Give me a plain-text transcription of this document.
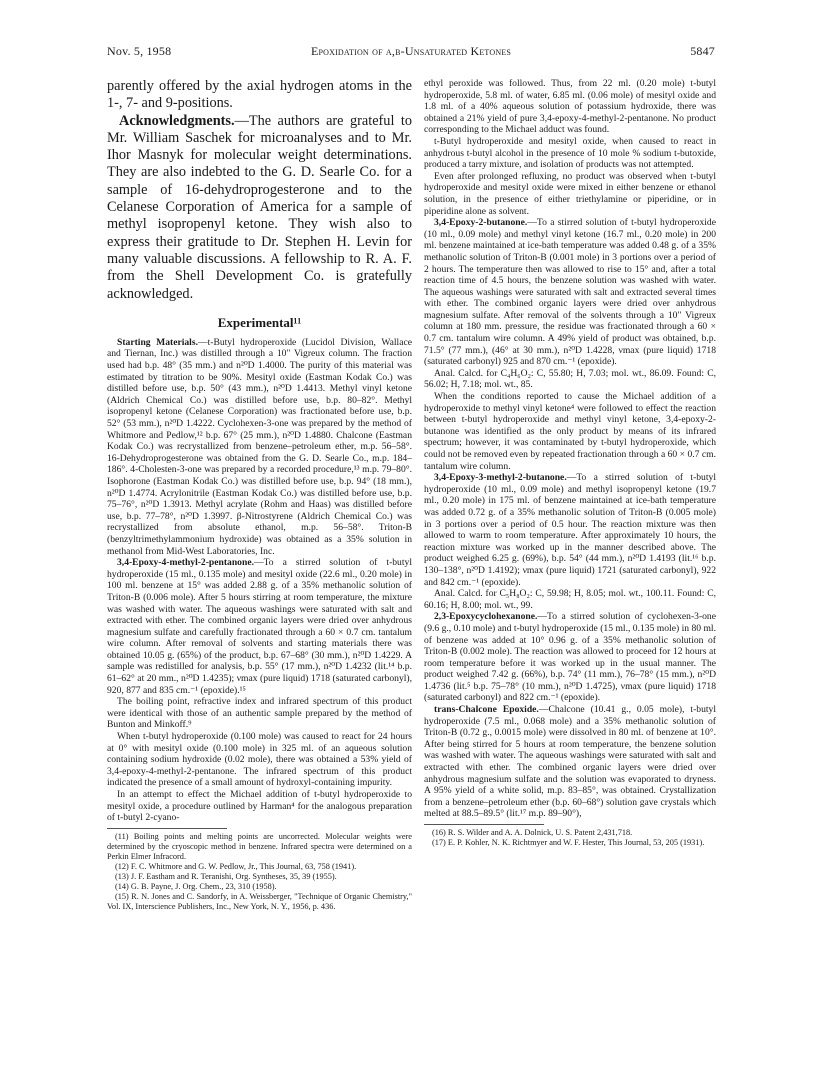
Nov. 5, 1958	Epoxidation of α,β-Unsaturated Ketones	5847

parently offered by the axial hydrogen atoms in the 1-, 7- and 9-positions.

Acknowledgments.—The authors are grateful to Mr. William Saschek for microanalyses and to Mr. Ihor Masnyk for molecular weight determinations. They are also indebted to the G. D. Searle Co. for a sample of 16-dehydroprogesterone and to the Celanese Corporation of America for a sample of methyl isopropenyl ketone. They wish also to express their gratitude to Dr. Stephen H. Levin for many valuable discussions. A fellowship to R. A. F. from the Shell Development Co. is gratefully acknowledged.

Experimental¹¹

Starting Materials.—t-Butyl hydroperoxide (Lucidol Division, Wallace and Tiernan, Inc.) was distilled through a 10" Vigreux column. The fraction used had b.p. 48° (35 mm.) and n²⁰D 1.4000. The purity of this material was estimated by titration to be 90%. Mesityl oxide (Eastman Kodak Co.) was distilled before use, b.p. 50° (43 mm.), n²⁰D 1.4413. Methyl vinyl ketone (Aldrich Chemical Co.) was distilled before use, b.p. 80–82°. Methyl isopropenyl ketone (Celanese Corporation) was fractionated before use, b.p. 52° (53 mm.), n²⁰D 1.4222. Cyclohexen-3-one was prepared by the method of Whitmore and Pedlow,¹² b.p. 67° (25 mm.), n²⁰D 1.4880. Chalcone (Eastman Kodak Co.) was recrystallized from benzene–petroleum ether, m.p. 56–58°. 16-Dehydroprogesterone was obtained from the G. D. Searle Co., m.p. 184–186°. 4-Cholesten-3-one was prepared by a recorded procedure,¹³ m.p. 79–80°. Isophorone (Eastman Kodak Co.) was distilled before use, b.p. 94° (18 mm.), n²⁰D 1.4774. Acrylonitrile (Eastman Kodak Co.) was distilled before use, b.p. 75–76°, n²⁰D 1.3913. Methyl acrylate (Rohm and Haas) was distilled before use, b.p. 77–78°, n²⁰D 1.3997. β-Nitrostyrene (Aldrich Chemical Co.) was recrystallized from absolute ethanol, m.p. 56–58°. Triton-B (benzyltrimethylammonium hydroxide) was obtained as a 35% solution in methanol from Mid-West Laboratories, Inc.

3,4-Epoxy-4-methyl-2-pentanone.—To a stirred solution of t-butyl hydroperoxide (15 ml., 0.135 mole) and mesityl oxide (22.6 ml., 0.20 mole) in 100 ml. benzene at 15° was added 2.88 g. of a 35% methanolic solution of Triton-B (0.006 mole). After 5 hours stirring at room temperature, the mixture was washed with water. The aqueous washings were saturated with salt and extracted with ether. The combined organic layers were dried over anhydrous magnesium sulfate and carefully fractionated through a 60 × 0.7 cm. tantalum wire column. After removal of solvents and starting materials there was obtained 10.05 g. (65%) of the product, b.p. 67–68° (30 mm.), n²⁰D 1.4229. A sample was redistilled for analysis, b.p. 55° (17 mm.), n²⁰D 1.4232 (lit.¹⁴ b.p. 61–62° at 20 mm., n²⁰D 1.4235); νmax (pure liquid) 1718 (saturated carbonyl), 920, 877 and 835 cm.⁻¹ (epoxide).¹⁵

The boiling point, refractive index and infrared spectrum of this product were identical with those of an authentic sample prepared by the method of Bunton and Minkoff.⁹

When t-butyl hydroperoxide (0.100 mole) was caused to react for 24 hours at 0° with mesityl oxide (0.100 mole) in 325 ml. of an aqueous solution containing sodium hydroxide (0.02 mole), there was obtained a 53% yield of 3,4-epoxy-4-methyl-2-pentanone. The infrared spectrum of this product indicated the presence of a small amount of hydroxyl-containing impurity.

In an attempt to effect the Michael addition of t-butyl hydroperoxide to mesityl oxide, a procedure outlined by Harman⁴ for the analogous preparation of t-butyl 2-cyano-

(11) Boiling points and melting points are uncorrected. Molecular weights were determined by the cryoscopic method in benzene. Infrared spectra were determined on a Perkin Elmer Infracord.

(12) F. C. Whitmore and G. W. Pedlow, Jr., This Journal, 63, 758 (1941).

(13) J. F. Eastham and R. Teranishi, Org. Syntheses, 35, 39 (1955).

(14) G. B. Payne, J. Org. Chem., 23, 310 (1958).

(15) R. N. Jones and C. Sandorfy, in A. Weissberger, "Technique of Organic Chemistry," Vol. IX, Interscience Publishers, Inc., New York, N. Y., 1956, p. 436.

ethyl peroxide was followed. Thus, from 22 ml. (0.20 mole) t-butyl hydroperoxide, 5.8 ml. of water, 6.85 ml. (0.06 mole) of mesityl oxide and 1.8 ml. of a 40% aqueous solution of potassium hydroxide, there was obtained a 21% yield of pure 3,4-epoxy-4-methyl-2-pentanone. No product corresponding to the Michael adduct was found.

t-Butyl hydroperoxide and mesityl oxide, when caused to react in anhydrous t-butyl alcohol in the presence of 10 mole % sodium t-butoxide, produced a tarry mixture, and isolation of products was not attempted.

Even after prolonged refluxing, no product was observed when t-butyl hydroperoxide and mesityl oxide were mixed in either benzene or ethanol solution, in the presence of either triethylamine or piperidine, or in piperidine alone as solvent.

3,4-Epoxy-2-butanone.—To a stirred solution of t-butyl hydroperoxide (10 ml., 0.09 mole) and methyl vinyl ketone (16.7 ml., 0.20 mole) in 200 ml. benzene maintained at ice-bath temperature was added 0.48 g. of a 35% methanolic solution of Triton-B (0.001 mole) in 3 portions over a period of 2 hours. The temperature then was allowed to rise to 15° and, after a total reaction time of 4.5 hours, the benzene solution was washed with water. The aqueous washings were saturated with salt and extracted several times with ether. The combined organic layers were dried over anhydrous magnesium sulfate. After removal of the solvents through a 10" Vigreux column at 180 mm. pressure, the residue was fractionated through a 60 × 0.7 cm. tantalum wire column. A 49% yield of product was obtained, b.p. 71.5° (77 mm.), (46° at 30 mm.), n²⁰D 1.4228, νmax (pure liquid) 1718 (saturated carbonyl) 925 and 870 cm.⁻¹ (epoxide).

Anal. Calcd. for C₄H₆O₂: C, 55.80; H, 7.03; mol. wt., 86.09. Found: C, 56.02; H, 7.18; mol. wt., 85.

When the conditions reported to cause the Michael addition of a hydroperoxide to methyl vinyl ketone⁴ were followed to effect the reaction between t-butyl hydroperoxide and methyl vinyl ketone, 3,4-epoxy-2-butanone was identified as the only product by means of its infrared spectrum; however, it was contaminated by t-butyl hydroperoxide, which could not be removed even by repeated fractionation through a 60 × 0.7 cm. tantalum wire column.

3,4-Epoxy-3-methyl-2-butanone.—To a stirred solution of t-butyl hydroperoxide (10 ml., 0.09 mole) and methyl isopropenyl ketone (19.7 ml., 0.20 mole) in 175 ml. of benzene maintained at ice-bath temperature was added 0.72 g. of a 35% methanolic solution of Triton-B (0.005 mole) in 3 portions over a period of 0.5 hour. The reaction mixture was then allowed to warm to room temperature. After approximately 10 hours, the reaction mixture was worked up in the manner described above. The product weighed 6.25 g. (69%), b.p. 54° (44 mm.), n²⁰D 1.4193 (lit.¹⁶ b.p. 130–138°, n²⁰D 1.4192); νmax (pure liquid) 1721 (saturated carbonyl), 922 and 842 cm.⁻¹ (epoxide).

Anal. Calcd. for C₅H₈O₂: C, 59.98; H, 8.05; mol. wt., 100.11. Found: C, 60.16; H, 8.00; mol. wt., 99.

2,3-Epoxycyclohexanone.—To a stirred solution of cyclohexen-3-one (9.6 g., 0.10 mole) and t-butyl hydroperoxide (15 ml., 0.135 mole) in 80 ml. of benzene was added at 10° 0.96 g. of a 35% methanolic solution of Triton-B (0.002 mole). The reaction was allowed to proceed for 12 hours at room temperature before it was worked up in the usual manner. The product weighed 7.42 g. (66%), b.p. 74° (11 mm.), 76–78° (15 mm.), n²⁰D 1.4736 (lit.⁵ b.p. 75–78° (10 mm.), n²⁰D 1.4725), νmax (pure liquid) 1718 (saturated carbonyl) and 822 cm.⁻¹ (epoxide).

trans-Chalcone Epoxide.—Chalcone (10.41 g., 0.05 mole), t-butyl hydroperoxide (7.5 ml., 0.068 mole) and a 35% methanolic solution of Triton-B (0.72 g., 0.0015 mole) were dissolved in 80 ml. of benzene at 10°. After being stirred for 5 hours at room temperature, the benzene solution was washed with water. The aqueous washings were saturated with salt and extracted with ether. The combined organic layers were dried over anhydrous magnesium sulfate and the solution was evaporated to dryness. A 95% yield of a white solid, m.p. 83–85°, was obtained. Crystallization from a benzene–petroleum ether (b.p. 60–68°) solution gave crystals which melted at 88.5–89.5° (lit.¹⁷ m.p. 89–90°),

(16) R. S. Wilder and A. A. Dolnick, U. S. Patent 2,431,718.

(17) E. P. Kohler, N. K. Richtmyer and W. F. Hester, This Journal, 53, 205 (1931).
